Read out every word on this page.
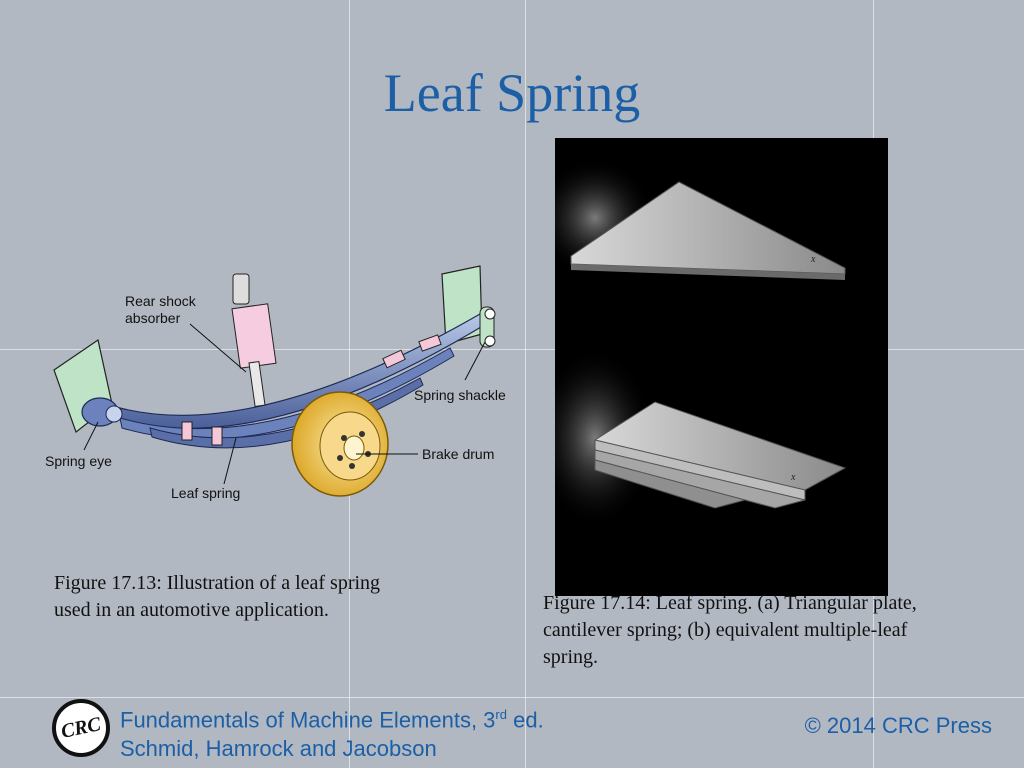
Leaf Spring
Rear shock
absorber
Spring shackle
Brake drum
Spring eye
Leaf spring
Figure 17.13: Illustration of a leaf spring used in an automotive application.
x
x
Figure 17.14: Leaf spring. (a) Triangular plate, cantilever spring; (b) equivalent multiple-leaf spring.
CRC Fundamentals of Machine Elements, 3rd ed.
Schmid, Hamrock and Jacobson
© 2014 CRC Press
